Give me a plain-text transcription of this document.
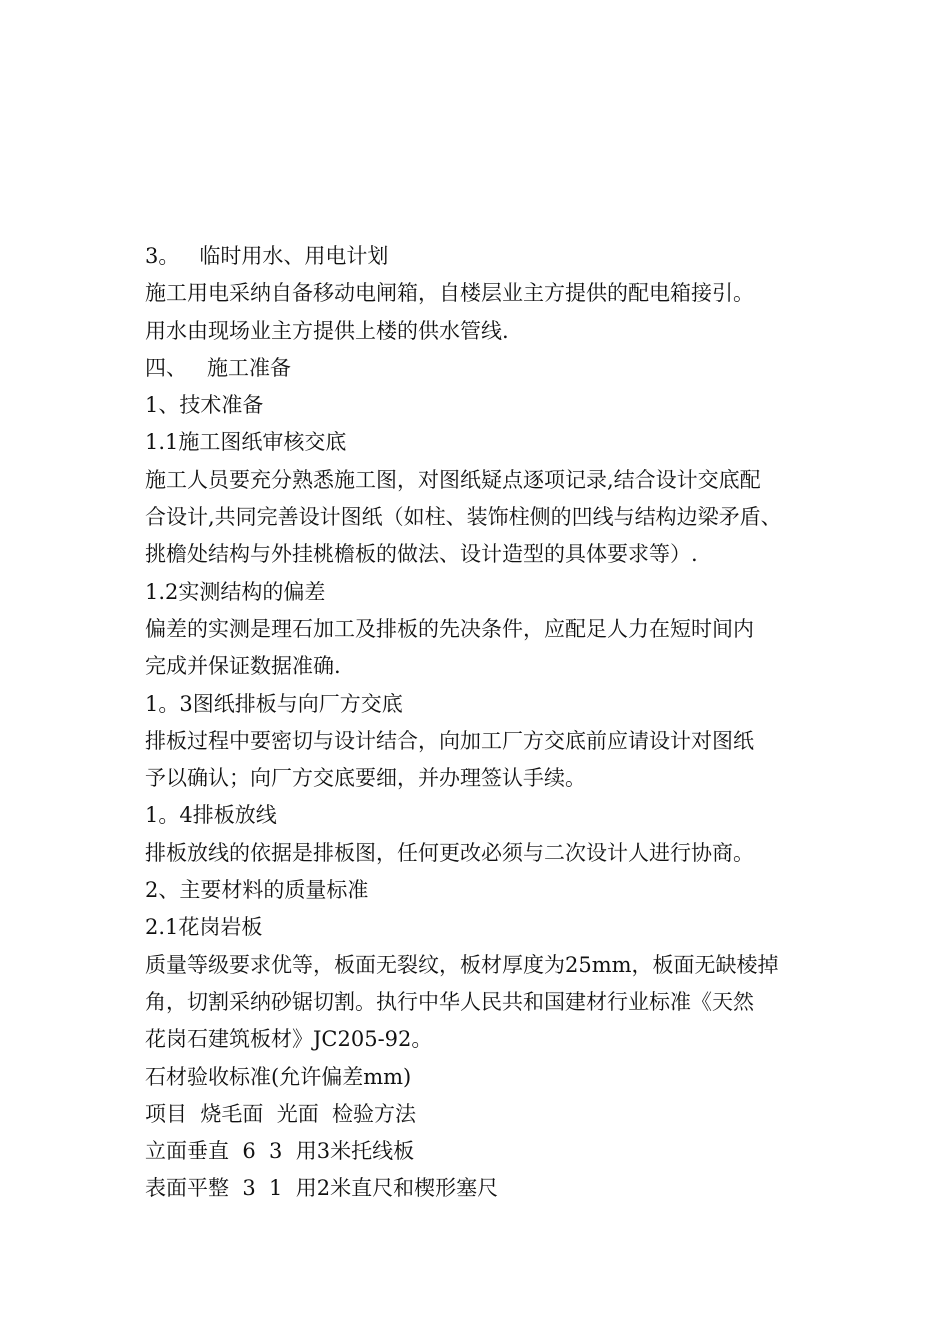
3。   临时用水、用电计划
施工用电采纳自备移动电闸箱，自楼层业主方提供的配电箱接引。
用水由现场业主方提供上楼的供水管线.
四、   施工准备
1、技术准备
1.1施工图纸审核交底
施工人员要充分熟悉施工图，对图纸疑点逐项记录,结合设计交底配
合设计,共同完善设计图纸（如柱、装饰柱侧的凹线与结构边梁矛盾、
挑檐处结构与外挂桃檐板的做法、设计造型的具体要求等）.
1.2实测结构的偏差
偏差的实测是理石加工及排板的先决条件，应配足人力在短时间内
完成并保证数据准确.
1。3图纸排板与向厂方交底
排板过程中要密切与设计结合，向加工厂方交底前应请设计对图纸
予以确认；向厂方交底要细，并办理签认手续。
1。4排板放线
排板放线的依据是排板图，任何更改必须与二次设计人进行协商。
2、主要材料的质量标准
2.1花岗岩板
质量等级要求优等，板面无裂纹，板材厚度为25mm，板面无缺棱掉
角，切割采纳砂锯切割。执行中华人民共和国建材行业标准《天然
花岗石建筑板材》JC205-92。
石材验收标准(允许偏差mm)
项目  烧毛面  光面  检验方法
立面垂直  6  3  用3米托线板
表面平整  3  1  用2米直尺和楔形塞尺
